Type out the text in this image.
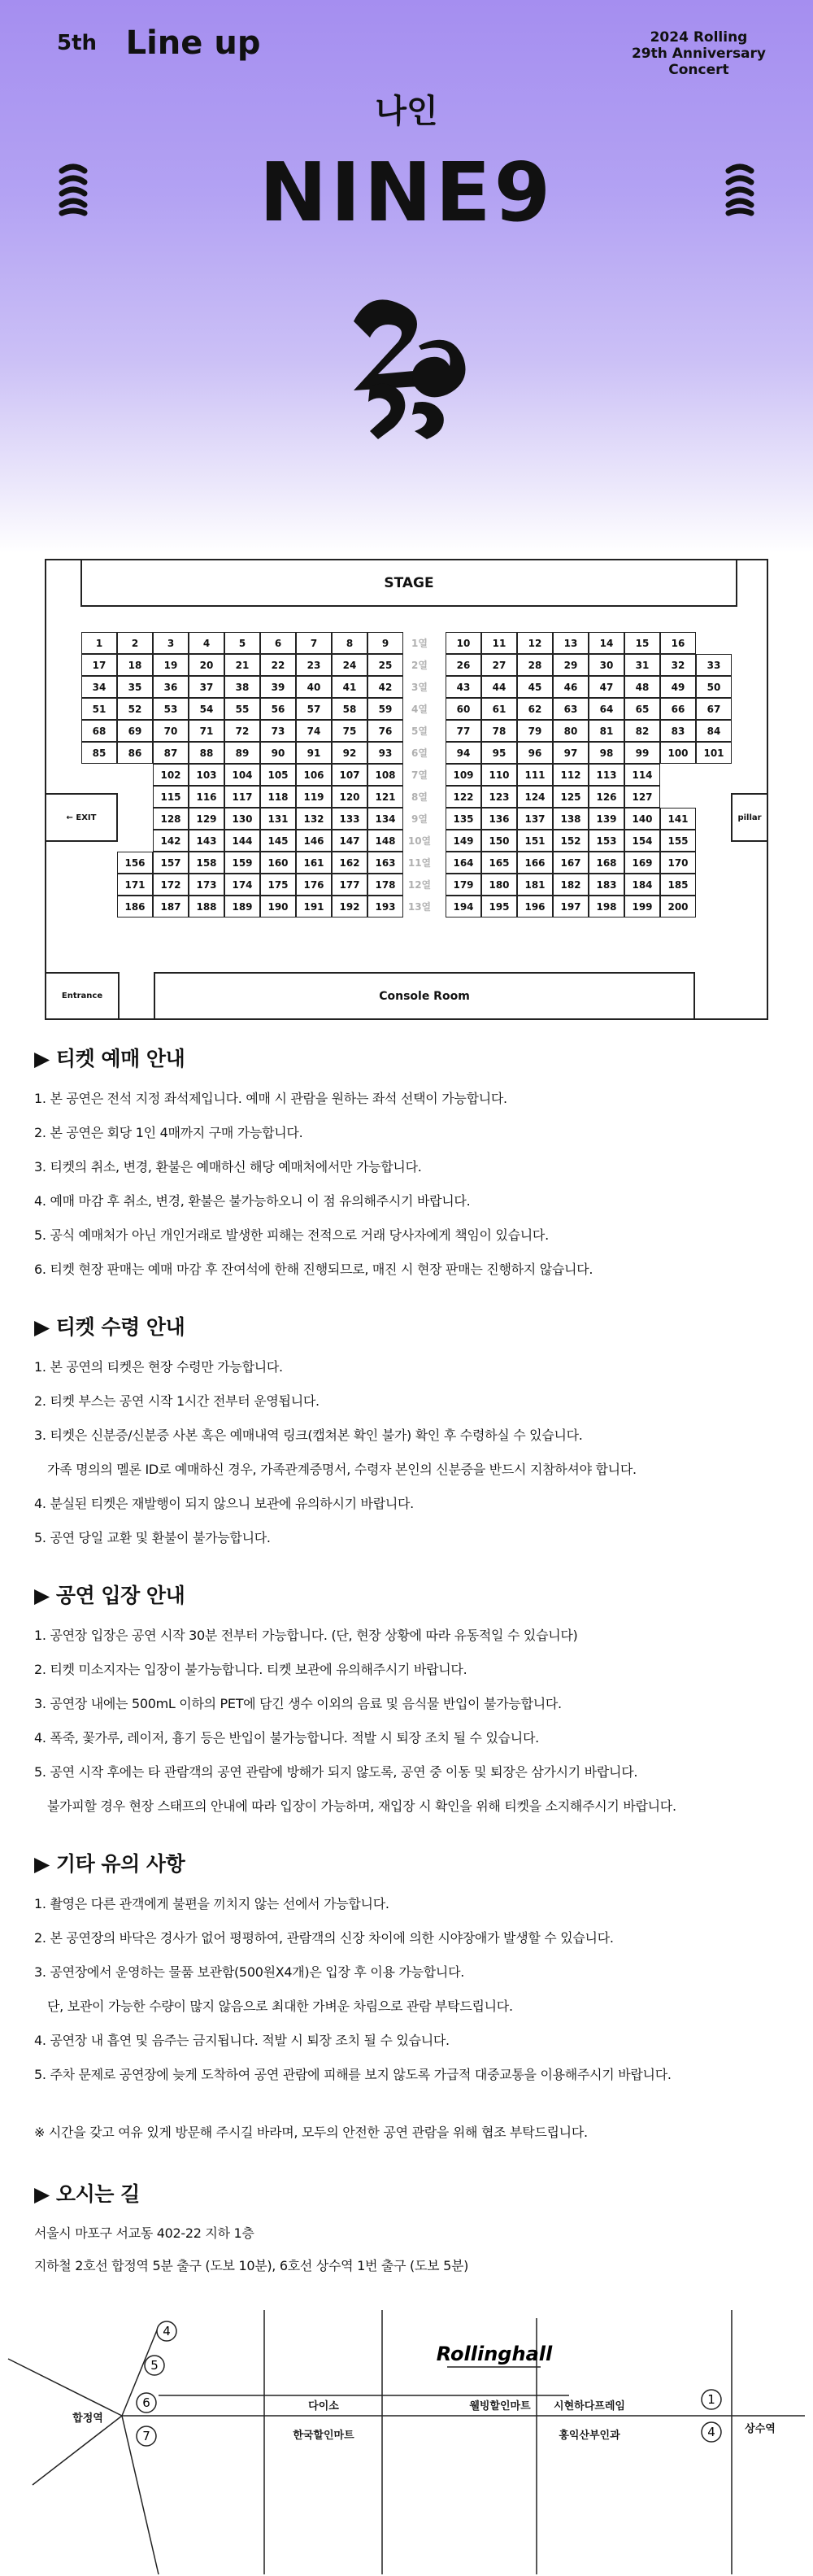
5th Line up	2024 Rolling
29th Anniversary
Concert
나인
NINE9
STAGE
← EXIT	pillar
Entrance	Console Room
1	2	3	4	5	6	7	8	9	1열	10	11	12	13	14	15	16
17	18	19	20	21	22	23	24	25	2열	26	27	28	29	30	31	32	33
34	35	36	37	38	39	40	41	42	3열	43	44	45	46	47	48	49	50
51	52	53	54	55	56	57	58	59	4열	60	61	62	63	64	65	66	67
68	69	70	71	72	73	74	75	76	5열	77	78	79	80	81	82	83	84
85	86	87	88	89	90	91	92	93	6열	94	95	96	97	98	99	100	101
102	103	104	105	106	107	108	7열	109	110	111	112	113	114
115	116	117	118	119	120	121	8열	122	123	124	125	126	127
128	129	130	131	132	133	134	9열	135	136	137	138	139	140	141
142	143	144	145	146	147	148	10열	149	150	151	152	153	154	155
156	157	158	159	160	161	162	163	11열	164	165	166	167	168	169	170
171	172	173	174	175	176	177	178	12열	179	180	181	182	183	184	185
186	187	188	189	190	191	192	193	13열	194	195	196	197	198	199	200
▶ 티켓 예매 안내
1. 본 공연은 전석 지정 좌석제입니다. 예매 시 관람을 원하는 좌석 선택이 가능합니다.
2. 본 공연은 회당 1인 4매까지 구매 가능합니다.
3. 티켓의 취소, 변경, 환불은 예매하신 해당 예매처에서만 가능합니다.
4. 예매 마감 후 취소, 변경, 환불은 불가능하오니 이 점 유의해주시기 바랍니다.
5. 공식 예매처가 아닌 개인거래로 발생한 피해는 전적으로 거래 당사자에게 책임이 있습니다.
6. 티켓 현장 판매는 예매 마감 후 잔여석에 한해 진행되므로, 매진 시 현장 판매는 진행하지 않습니다.
▶ 티켓 수령 안내
1. 본 공연의 티켓은 현장 수령만 가능합니다.
2. 티켓 부스는 공연 시작 1시간 전부터 운영됩니다.
3. 티켓은 신분증/신분증 사본 혹은 예매내역 링크(캡쳐본 확인 불가) 확인 후 수령하실 수 있습니다.
가족 명의의 멜론 ID로 예매하신 경우, 가족관계증명서, 수령자 본인의 신분증을 반드시 지참하셔야 합니다.
4. 분실된 티켓은 재발행이 되지 않으니 보관에 유의하시기 바랍니다.
5. 공연 당일 교환 및 환불이 불가능합니다.
▶ 공연 입장 안내
1. 공연장 입장은 공연 시작 30분 전부터 가능합니다. (단, 현장 상황에 따라 유동적일 수 있습니다)
2. 티켓 미소지자는 입장이 불가능합니다. 티켓 보관에 유의해주시기 바랍니다.
3. 공연장 내에는 500mL 이하의 PET에 담긴 생수 이외의 음료 및 음식물 반입이 불가능합니다.
4. 폭죽, 꽃가루, 레이저, 흉기 등은 반입이 불가능합니다. 적발 시 퇴장 조치 될 수 있습니다.
5. 공연 시작 후에는 타 관람객의 공연 관람에 방해가 되지 않도록, 공연 중 이동 및 퇴장은 삼가시기 바랍니다.
불가피할 경우 현장 스태프의 안내에 따라 입장이 가능하며, 재입장 시 확인을 위해 티켓을 소지해주시기 바랍니다.
▶ 기타 유의 사항
1. 촬영은 다른 관객에게 불편을 끼치지 않는 선에서 가능합니다.
2. 본 공연장의 바닥은 경사가 없어 평평하여, 관람객의 신장 차이에 의한 시야장애가 발생할 수 있습니다.
3. 공연장에서 운영하는 물품 보관함(500원X4개)은 입장 후 이용 가능합니다.
단, 보관이 가능한 수량이 많지 않음으로 최대한 가벼운 차림으로 관람 부탁드립니다.
4. 공연장 내 흡연 및 음주는 금지됩니다. 적발 시 퇴장 조치 될 수 있습니다.
5. 주차 문제로 공연장에 늦게 도착하여 공연 관람에 피해를 보지 않도록 가급적 대중교통을 이용해주시기 바랍니다.
※ 시간을 갖고 여유 있게 방문해 주시길 바라며, 모두의 안전한 공연 관람을 위해 협조 부탁드립니다.
▶ 오시는 길
서울시 마포구 서교동 402-22 지하 1층
지하철 2호선 합정역 5분 출구 (도보 10분), 6호선 상수역 1번 출구 (도보 5분)
4
5
6
7
1
4
합정역
상수역
다이소
한국할인마트
웰빙할인마트 시현하다프레임
홍익산부인과
Rollinghall
